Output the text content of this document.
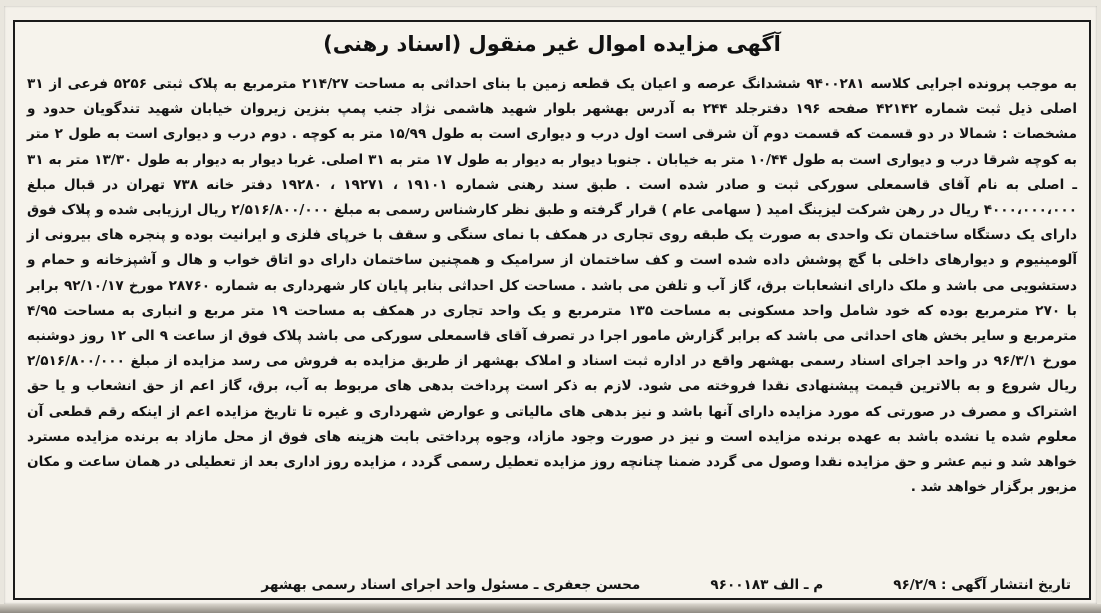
آگهی مزایده اموال غیر منقول (اسناد رهنی)
به موجب پرونده اجرایی کلاسه ۹۴۰۰۲۸۱ ششدانگ عرصه و اعیان یک قطعه زمین با بنای احداثی به مساحت ۲۱۴/۲۷ مترمربع به پلاک ثبتی ۵۲۵۶ فرعی از ۳۱ اصلی ذیل ثبت شماره ۴۲۱۴۲ صفحه ۱۹۶ دفترجلد ۲۴۴ به آدرس بهشهر بلوار شهید هاشمی نژاد جنب پمپ بنزین زیروان خیابان شهید تندگویان حدود و مشخصات : شمالا در دو قسمت که قسمت دوم آن شرقی است اول درب و دیواری است به طول ۱۵/۹۹ متر به کوچه . دوم درب و دیواری است به طول ۲ متر به کوچه شرقا درب و دیواری است به طول ۱۰/۴۴ متر به خیابان . جنوبا دیوار به دیوار به طول ۱۷ متر به ۳۱ اصلی. غربا دیوار به دیوار به طول ۱۳/۳۰ متر به ۳۱ ـ اصلی به نام آقای قاسمعلی سورکی ثبت و صادر شده است . طبق سند رهنی شماره ۱۹۱۰۱ ، ۱۹۲۷۱ ، ۱۹۲۸۰ دفتر خانه ۷۳۸ تهران در قبال مبلغ ۴۰۰۰،۰۰۰،۰۰۰ ریال در رهن شرکت لیزینگ امید ( سهامی عام ) قرار گرفته و طبق نظر کارشناس رسمی به مبلغ ۲/۵۱۶/۸۰۰/۰۰۰ ریال ارزیابی شده و پلاک فوق دارای یک دستگاه ساختمان تک واحدی به صورت یک طبقه روی تجاری در همکف با نمای سنگی و سقف با خرپای فلزی و ایرانیت بوده و پنجره های بیرونی از آلومینیوم و دیوارهای داخلی با گچ پوشش داده شده است و کف ساختمان از سرامیک و همچنین ساختمان دارای دو اتاق خواب و هال و آشپزخانه و حمام و دستشویی می باشد و ملک دارای انشعابات برق، گاز آب و تلفن می باشد . مساحت کل احداثی بنابر پایان کار شهرداری به شماره ۲۸۷۶۰ مورخ ۹۲/۱۰/۱۷ برابر با ۲۷۰ مترمربع بوده که خود شامل واحد مسکونی به مساحت ۱۳۵ مترمربع و یک واحد تجاری در همکف به مساحت ۱۹ متر مربع و انباری به مساحت ۴/۹۵ مترمربع و سایر بخش های احداثی می باشد که برابر گزارش مامور اجرا در تصرف آقای قاسمعلی سورکی می باشد پلاک فوق از ساعت ۹ الی ۱۲ روز دوشنبه مورخ ۹۶/۳/۱ در واحد اجرای اسناد رسمی بهشهر واقع در اداره ثبت اسناد و املاک بهشهر از طریق مزایده به فروش می رسد مزایده از مبلغ ۲/۵۱۶/۸۰۰/۰۰۰ ریال شروع و به بالاترین قیمت پیشنهادی نقدا فروخته می شود. لازم به ذکر است پرداخت بدهی های مربوط به آب، برق، گاز اعم از حق انشعاب و یا حق اشتراک و مصرف در صورتی که مورد مزایده دارای آنها باشد و نیز بدهی های مالیاتی و عوارض شهرداری و غیره تا تاریخ مزایده اعم از اینکه رقم قطعی آن معلوم شده یا نشده باشد به عهده برنده مزایده است و نیز در صورت وجود مازاد، وجوه پرداختی بابت هزینه های فوق از محل مازاد به برنده مزایده مسترد خواهد شد و نیم عشر و حق مزایده نقدا وصول می گردد ضمنا چنانچه روز مزایده تعطیل رسمی گردد ، مزایده روز اداری بعد از تعطیلی در همان ساعت و مکان مزبور برگزار خواهد شد .
تاریخ انتشار آگهی : ۹۶/۲/۹
م ـ الف ۹۶۰۰۱۸۳
محسن جعفری ـ مسئول واحد اجرای اسناد رسمی بهشهر
